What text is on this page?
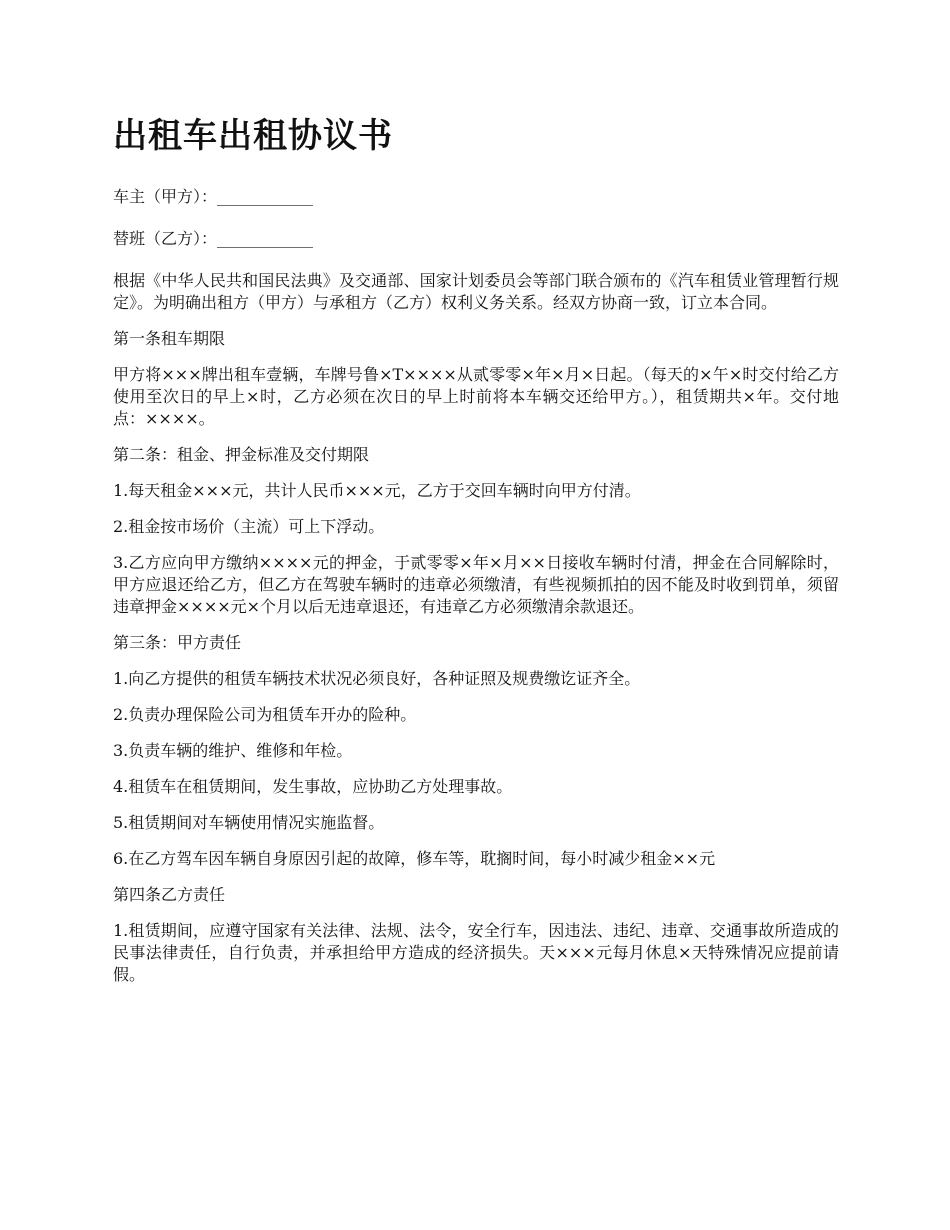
出租车出租协议书

车主（甲方）：____________

替班（乙方）：____________

根据《中华人民共和国民法典》及交通部、国家计划委员会等部门联合颁布的《汽车租赁业管理暂行规定》。为明确出租方（甲方）与承租方（乙方）权利义务关系。经双方协商一致，订立本合同。

第一条租车期限

甲方将×××牌出租车壹辆，车牌号鲁×T××××从贰零零×年×月×日起。（每天的×午×时交付给乙方使用至次日的早上×时，乙方必须在次日的早上时前将本车辆交还给甲方。），租赁期共×年。交付地点：××××。

第二条：租金、押金标准及交付期限

1.每天租金×××元，共计人民币×××元，乙方于交回车辆时向甲方付清。

2.租金按市场价（主流）可上下浮动。

3.乙方应向甲方缴纳××××元的押金，于贰零零×年×月××日接收车辆时付清，押金在合同解除时，甲方应退还给乙方，但乙方在驾驶车辆时的违章必须缴清，有些视频抓拍的因不能及时收到罚单，须留违章押金××××元×个月以后无违章退还，有违章乙方必须缴清余款退还。

第三条：甲方责任

1.向乙方提供的租赁车辆技术状况必须良好，各种证照及规费缴讫证齐全。

2.负责办理保险公司为租赁车开办的险种。

3.负责车辆的维护、维修和年检。

4.租赁车在租赁期间，发生事故，应协助乙方处理事故。

5.租赁期间对车辆使用情况实施监督。

6.在乙方驾车因车辆自身原因引起的故障，修车等，耽搁时间，每小时减少租金××元

第四条乙方责任

1.租赁期间，应遵守国家有关法律、法规、法令，安全行车，因违法、违纪、违章、交通事故所造成的民事法律责任，自行负责，并承担给甲方造成的经济损失。天×××元每月休息×天特殊情况应提前请假。
